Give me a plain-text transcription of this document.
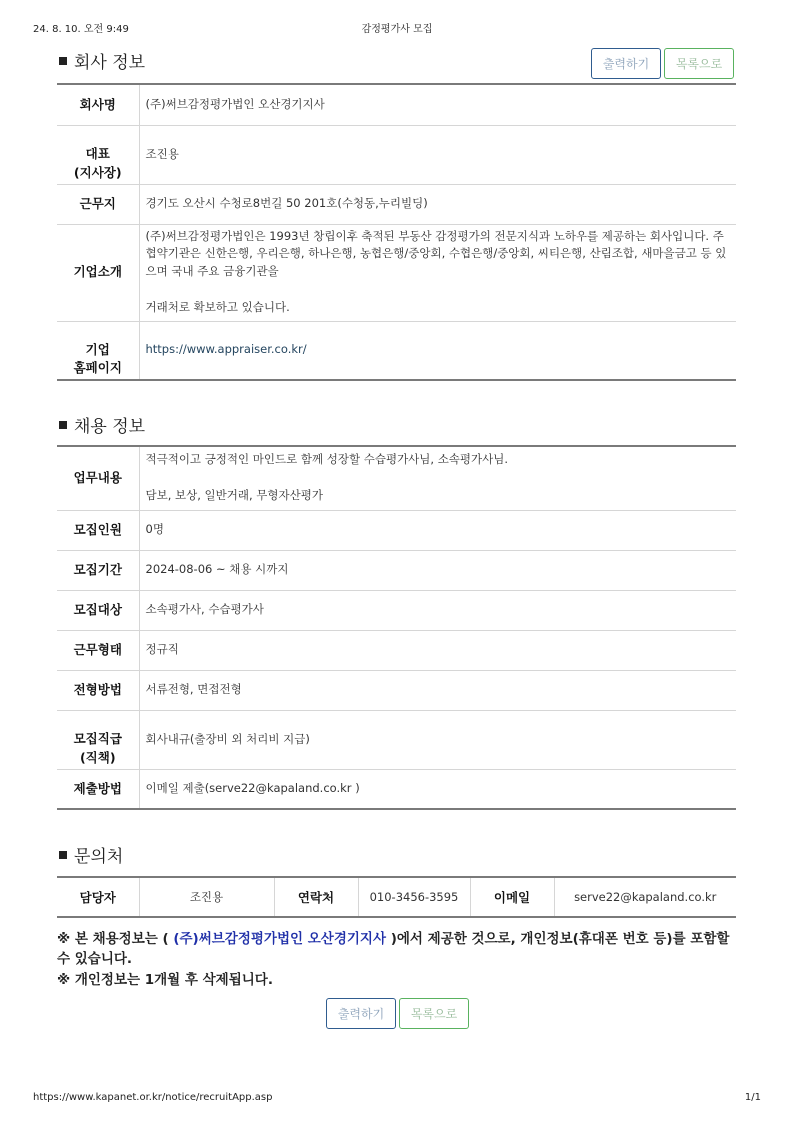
24. 8. 10. 오전 9:49	감정평가사 모집
회사 정보	출력하기	목록으로
회사명	(주)써브감정평가법인 오산경기지사

대표
(지사장)	조진용
근무지	경기도 오산시 수청로8번길 50 201호(수청동,누리빌딩)
기업소개	(주)써브감정평가법인은 1993년 창립이후 축적된 부동산 감정평가의 전문지식과 노하우를 제공하는 회사입니다. 주 협약기관은 신한은행, 우리은행, 하나은행, 농협은행/중앙회, 수협은행/중앙회, 씨티은행, 산림조합, 새마을금고 등 있으며 국내 주요 금융기관을

거래처로 확보하고 있습니다.

기업
홈페이지	https://www.appraiser.co.kr/
채용 정보
업무내용	적극적이고 긍정적인 마인드로 함께 성장할 수습평가사님, 소속평가사님.

담보, 보상, 일반거래, 무형자산평가
모집인원	0명
모집기간	2024-08-06 ~ 채용 시까지
모집대상	소속평가사, 수습평가사
근무형태	정규직
전형방법	서류전형, 면접전형

모집직급
(직책)	회사내규(출장비 외 처리비 지급)
제출방법	이메일 제출(serve22@kapaland.co.kr )
문의처
담당자	조진용	연락처	010-3456-3595	이메일	serve22@kapaland.co.kr
※ 본 채용정보는 ( (주)써브감정평가법인 오산경기지사 )에서 제공한 것으로, 개인정보(휴대폰 번호 등)를 포함할 수 있습니다.
※ 개인정보는 1개월 후 삭제됩니다.
출력하기	목록으로
https://www.kapanet.or.kr/notice/recruitApp.asp	1/1
